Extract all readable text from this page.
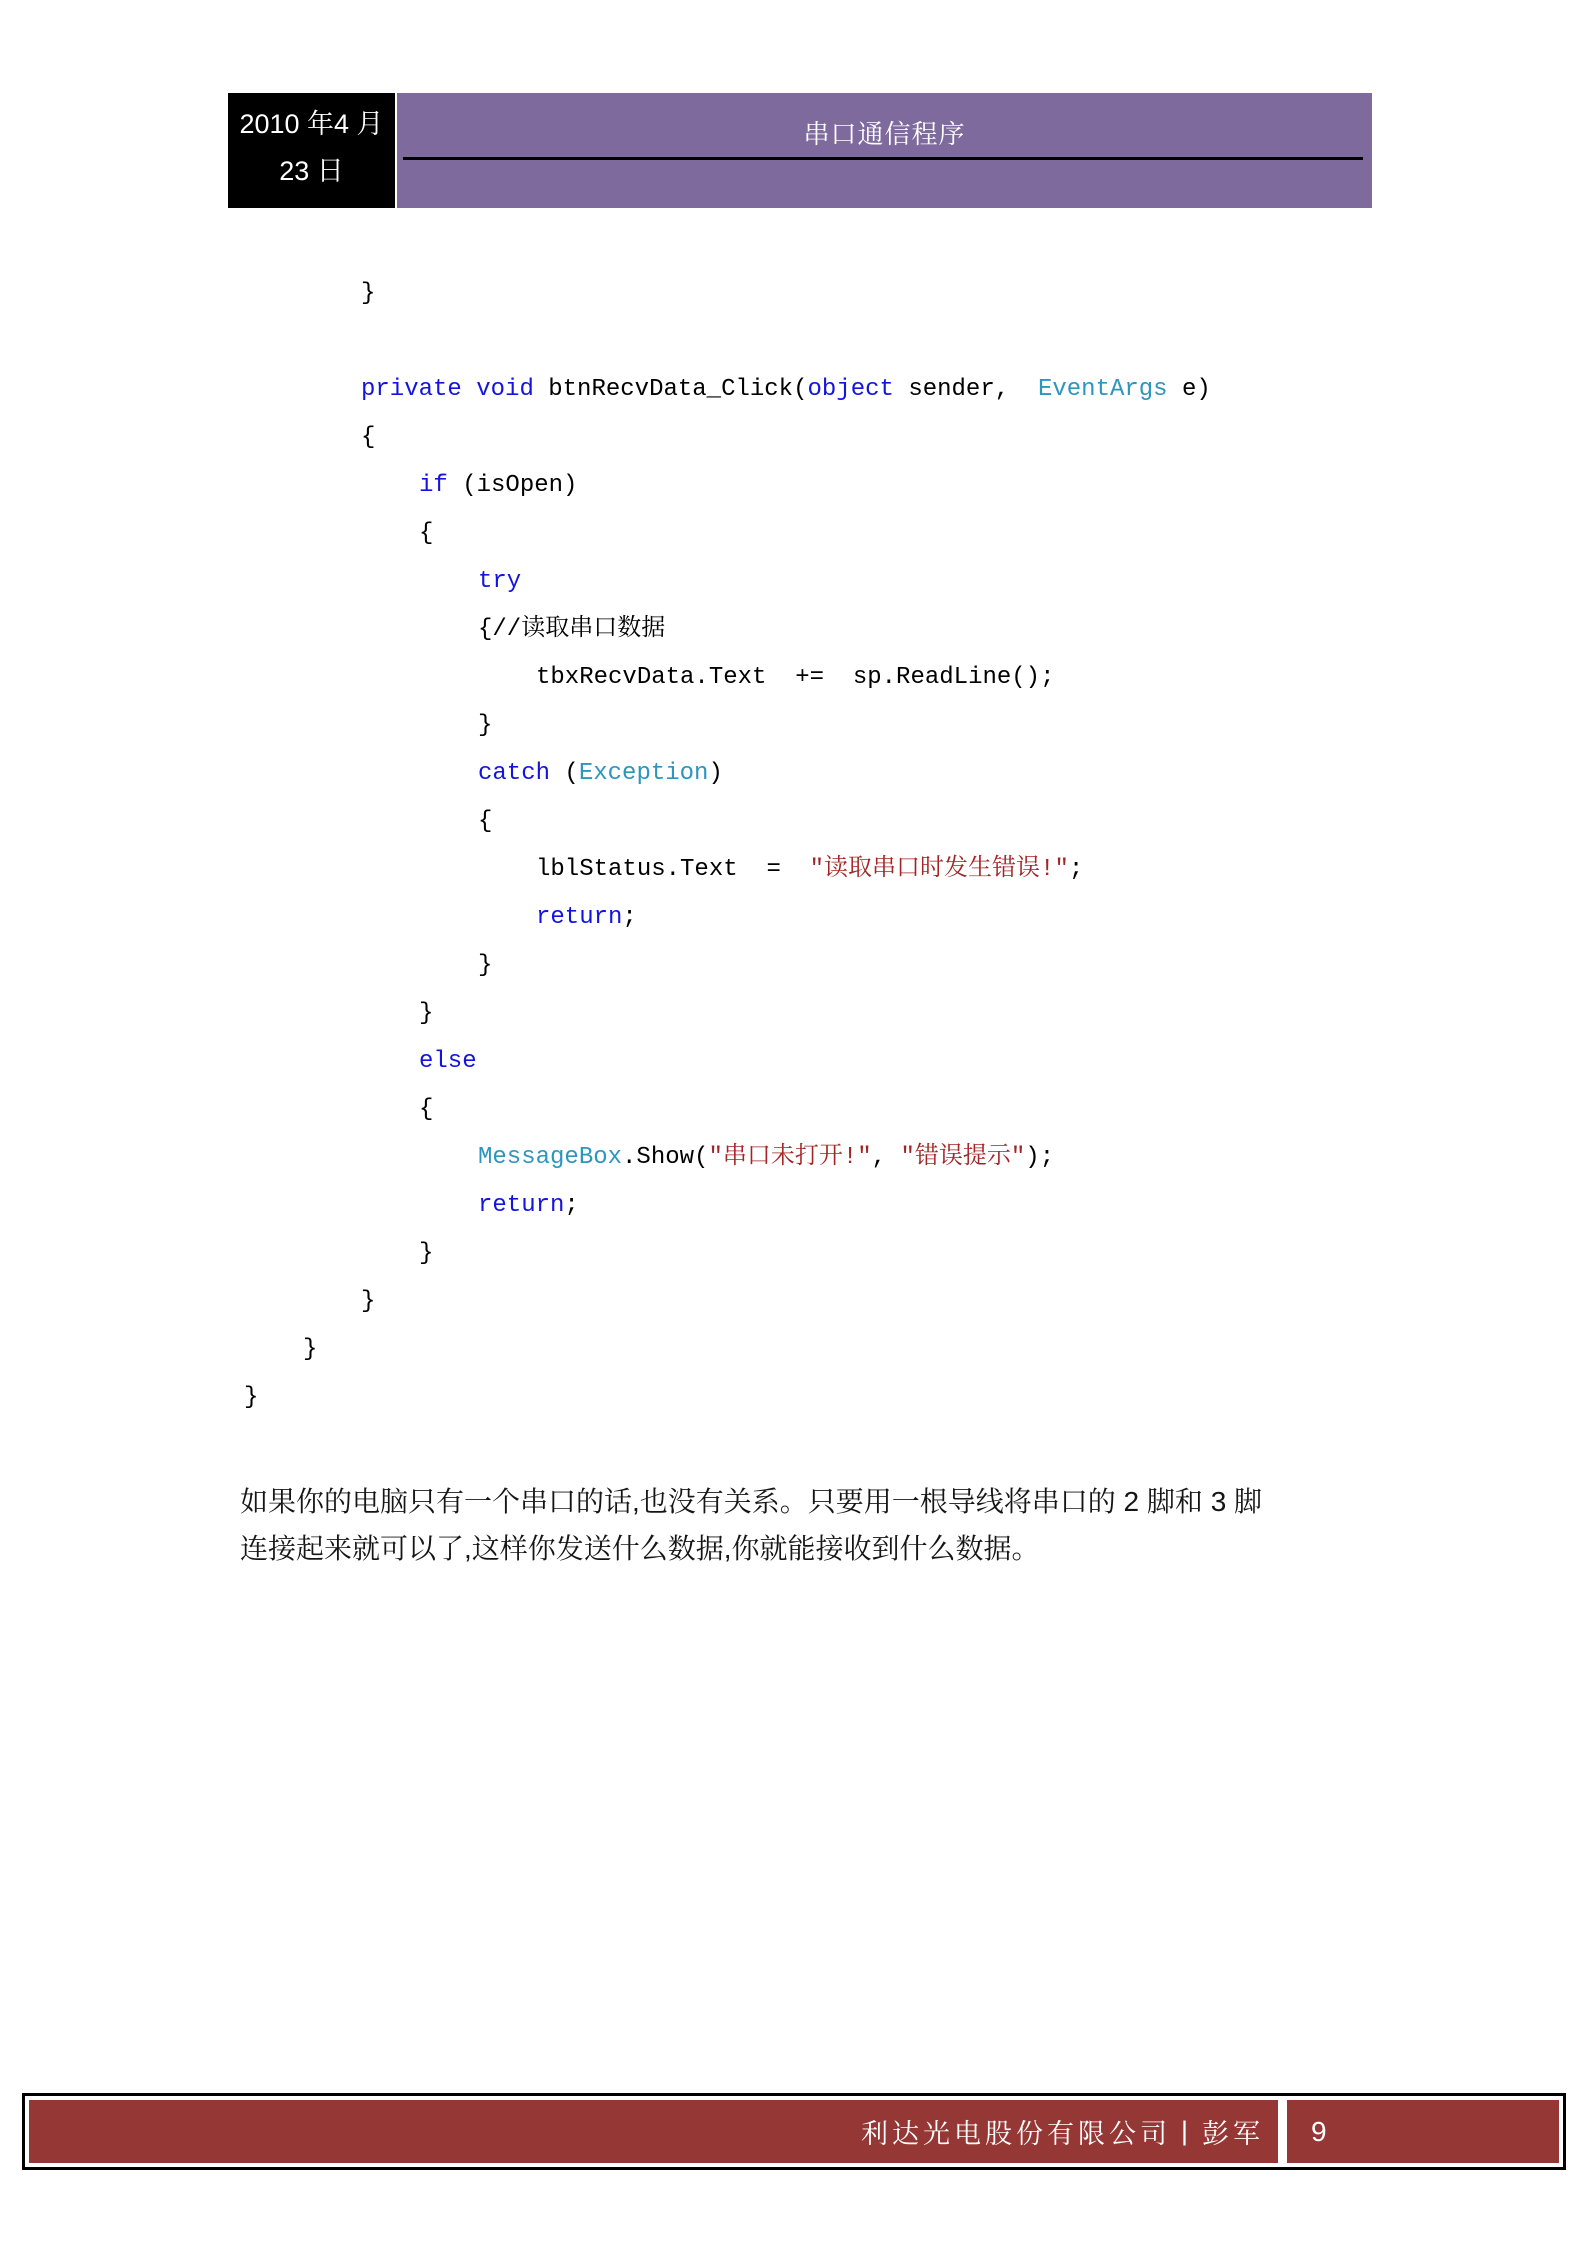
2010 年4 月
23 日
串口通信程序
}
private void btnRecvData_Click(object sender,  EventArgs e)
{
if (isOpen)
{
try
{//读取串口数据
tbxRecvData.Text  +=  sp.ReadLine();
}
catch (Exception)
{
lblStatus.Text  =  ″读取串口时发生错误!″;
return;
}
}
else
{
MessageBox.Show(″串口未打开!″, ″错误提示″);
return;
}
}
}
}
如果你的电脑只有一个串口的话,也没有关系。只要用一根导线将串口的 2 脚和 3 脚
连接起来就可以了,这样你发送什么数据,你就能接收到什么数据。
利达光电股份有限公司 | 彭军 9
